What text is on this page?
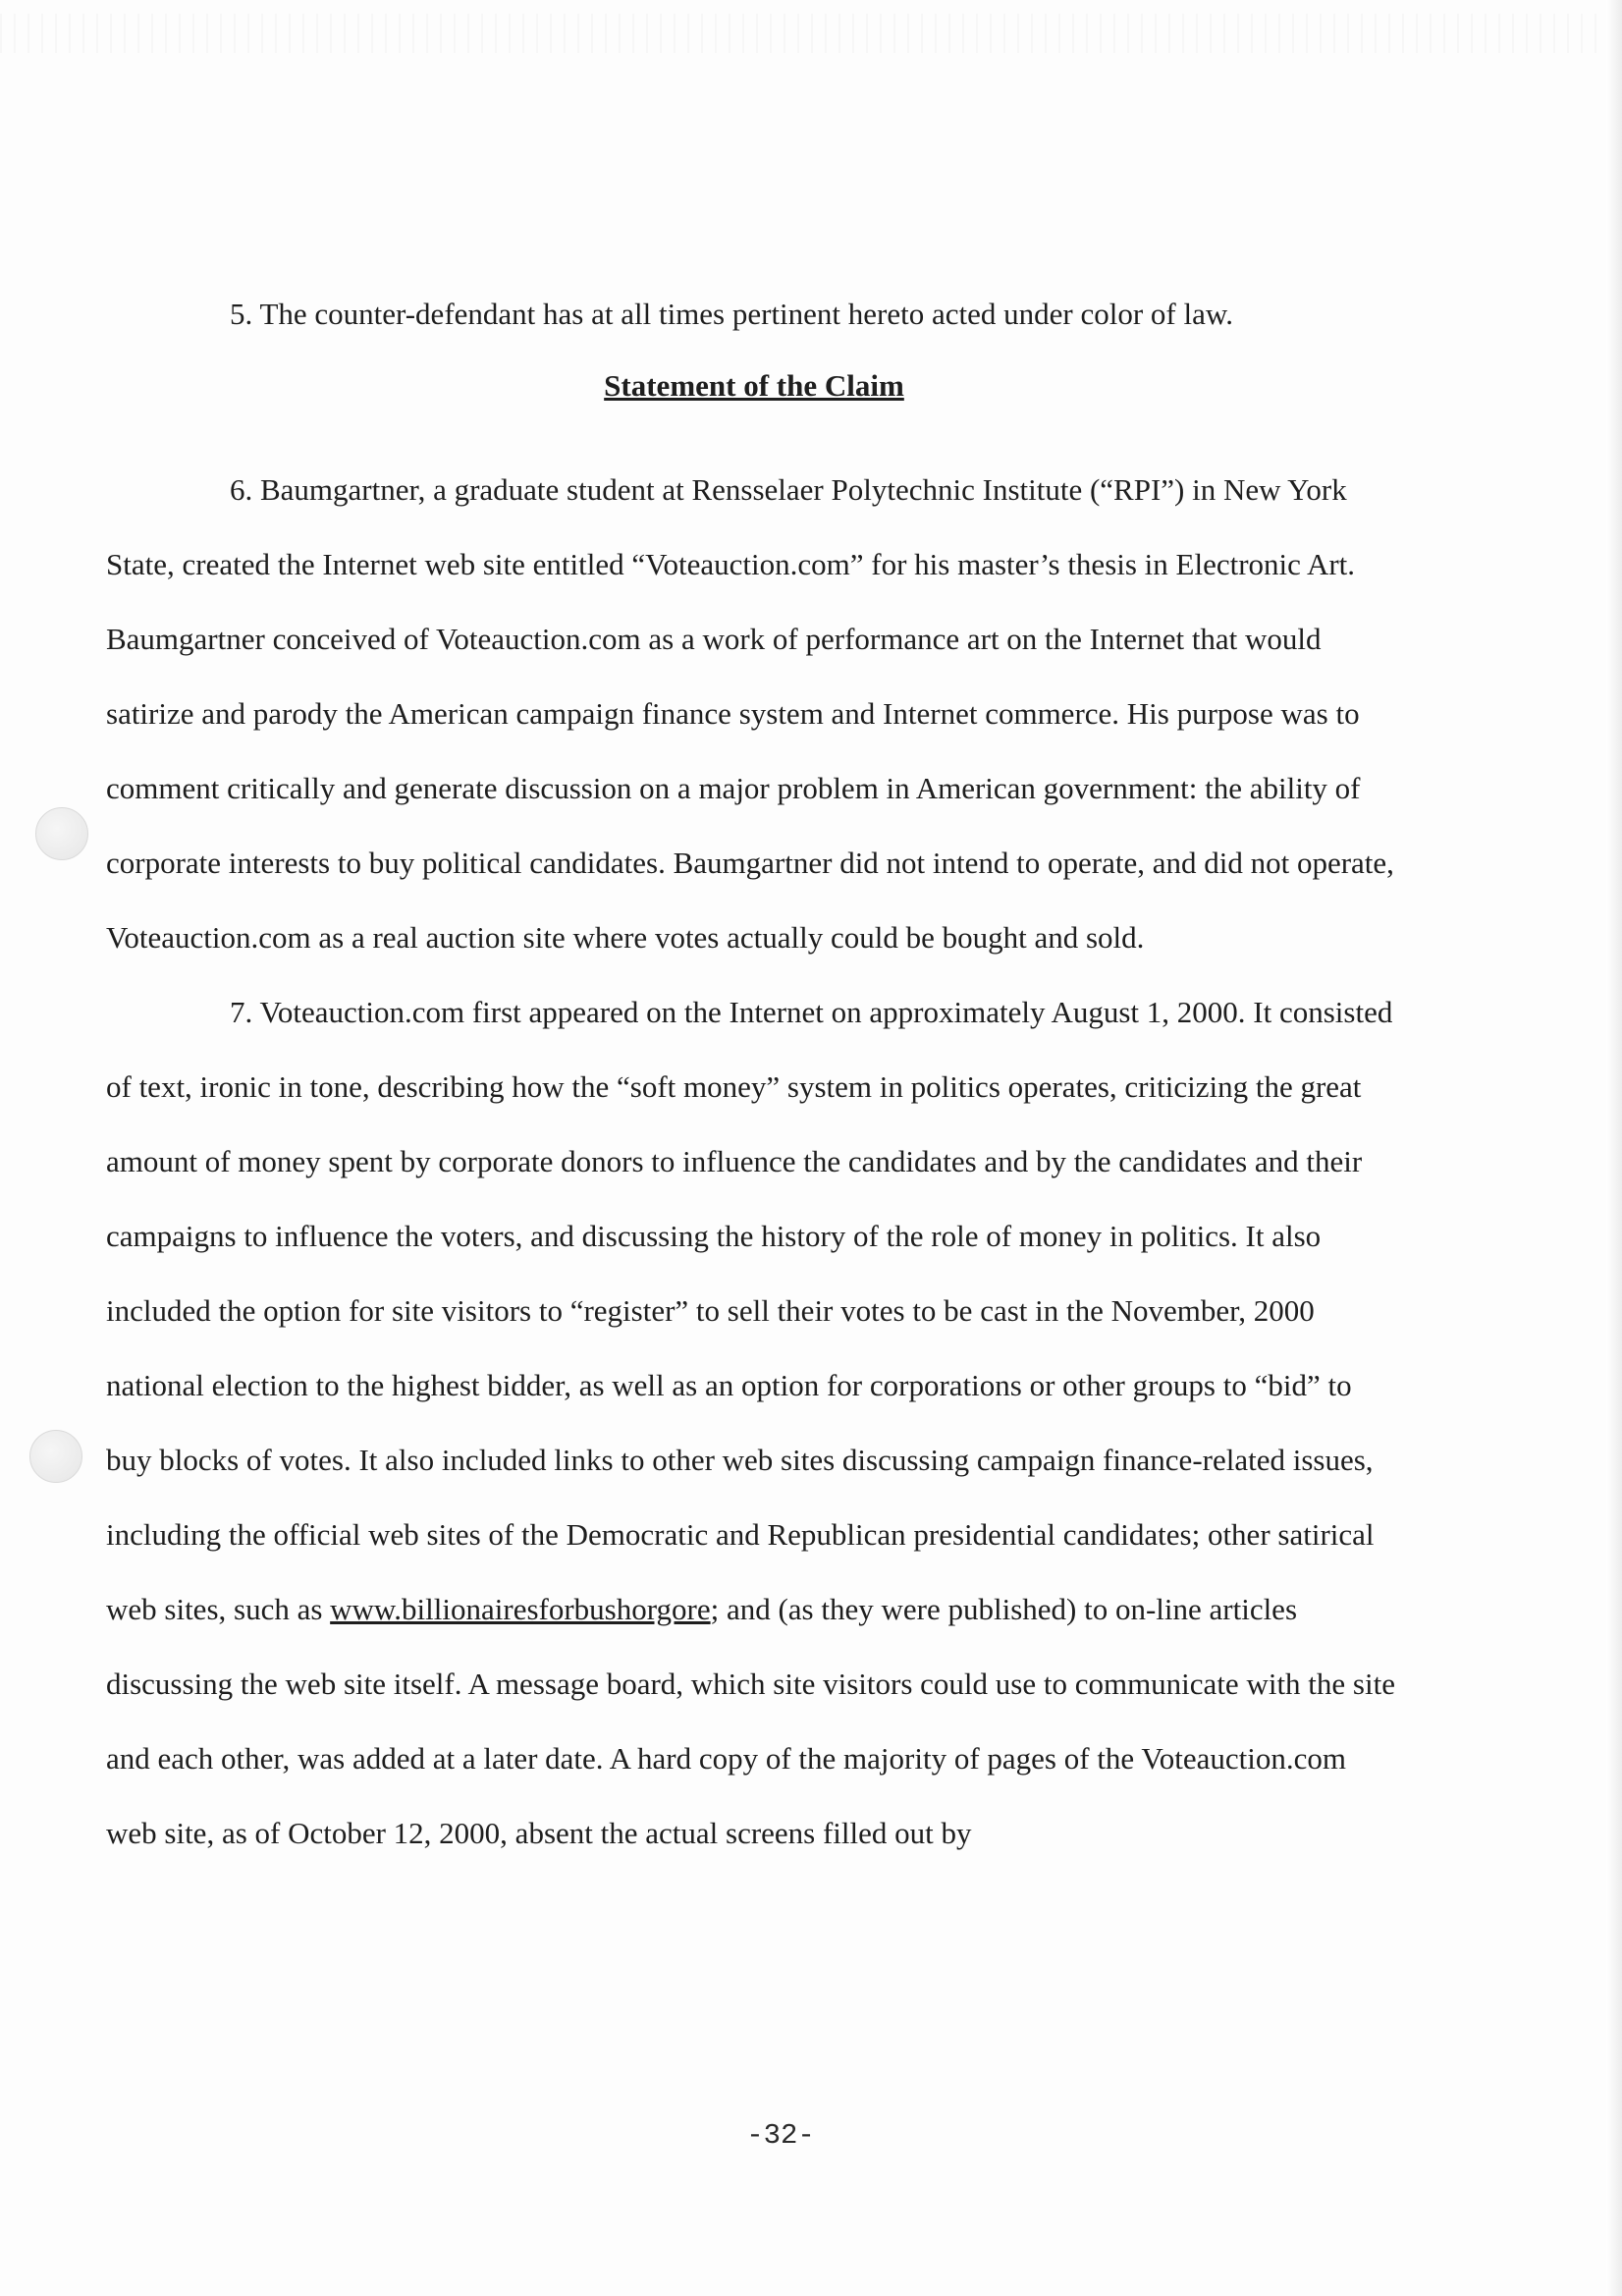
5. The counter-defendant has at all times pertinent hereto acted under color of law.

Statement of the Claim

6. Baumgartner, a graduate student at Rensselaer Polytechnic Institute (“RPI”) in New York State, created the Internet web site entitled “Voteauction.com” for his master’s thesis in Electronic Art. Baumgartner conceived of Voteauction.com as a work of performance art on the Internet that would satirize and parody the American campaign finance system and Internet commerce. His purpose was to comment critically and generate discussion on a major problem in American government: the ability of corporate interests to buy political candidates. Baumgartner did not intend to operate, and did not operate, Voteauction.com as a real auction site where votes actually could be bought and sold.

7. Voteauction.com first appeared on the Internet on approximately August 1, 2000. It consisted of text, ironic in tone, describing how the “soft money” system in politics operates, criticizing the great amount of money spent by corporate donors to influence the candidates and by the candidates and their campaigns to influence the voters, and discussing the history of the role of money in politics. It also included the option for site visitors to “register” to sell their votes to be cast in the November, 2000 national election to the highest bidder, as well as an option for corporations or other groups to “bid” to buy blocks of votes. It also included links to other web sites discussing campaign finance-related issues, including the official web sites of the Democratic and Republican presidential candidates; other satirical web sites, such as www.billionairesforbushorgore; and (as they were published) to on-line articles discussing the web site itself. A message board, which site visitors could use to communicate with the site and each other, was added at a later date. A hard copy of the majority of pages of the Voteauction.com web site, as of October 12, 2000, absent the actual screens filled out by

-32-
